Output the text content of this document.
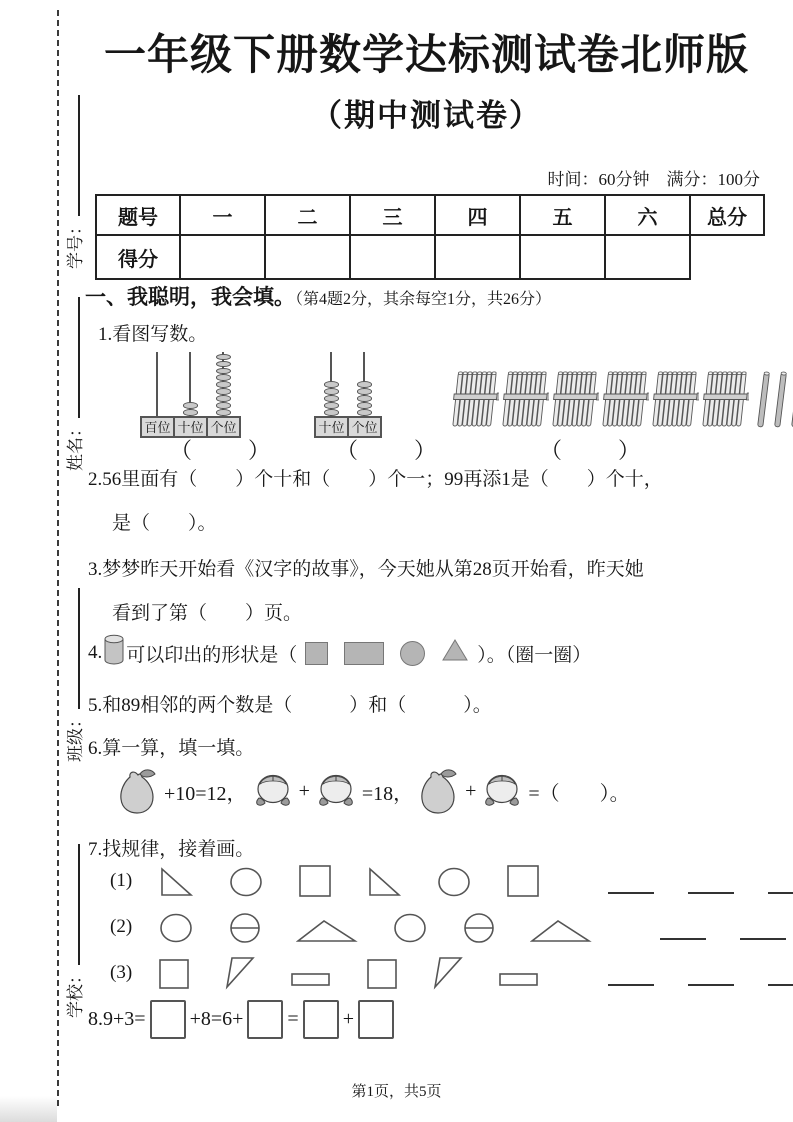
学号：
姓名：
班级：
学校：
一年级下册数学达标测试卷北师版
（期中测试卷）
时间：60分钟　满分：100分
题号	一	二	三	四	五	六	总分
得分							
一、我聪明，我会填。（第4题2分，其余每空1分，共26分）
1.看图写数。
百位 十位 个位	十位 个位
（　　）	（　　）	（　　）
2.56里面有（　　）个十和（　　）个一；99再添1是（　　）个十，
是（　　）。
3.梦梦昨天开始看《汉字的故事》，今天她从第28页开始看，昨天她
看到了第（　　）页。
4. 可以印出的形状是（	）。（圈一圈）
5.和89相邻的两个数是（　　　）和（　　　）。
6.算一算，填一填。
+10=12，	+	=18，	+	=（　　）。
7.找规律，接着画。
(1)
(2)
(3)
8.9+3= +8=6+ = +
第1页，共5页
